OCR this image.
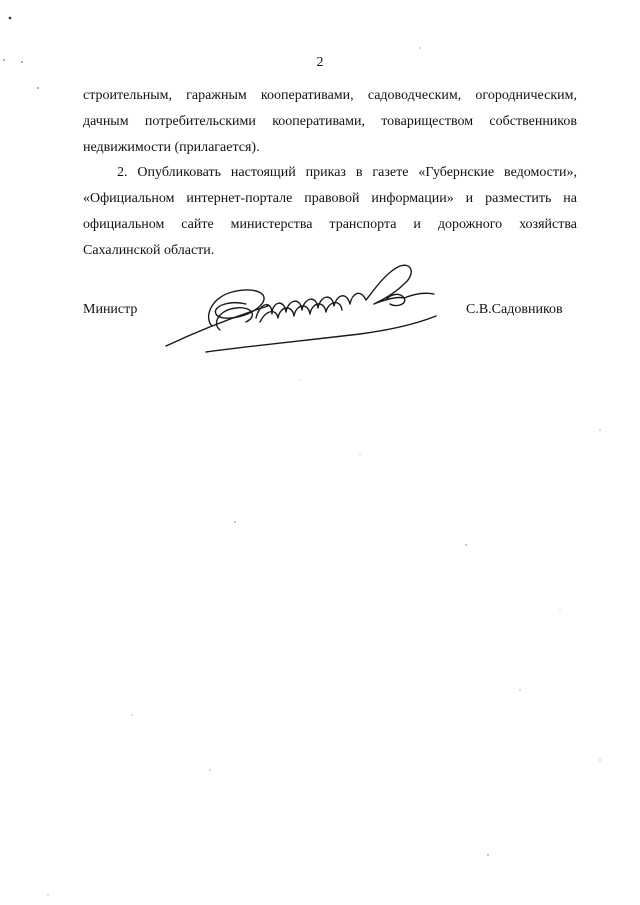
2
строительным, гаражным кооперативами, садоводческим, огородническим,
дачным потребительскими кооперативами, товариществом собственников
недвижимости (прилагается).
2. Опубликовать настоящий приказ в газете «Губернские ведомости»,
«Официальном интернет-портале правовой информации» и разместить на
официальном сайте министерства транспорта и дорожного хозяйства
Сахалинской области.
Министр	С.В.Садовников
